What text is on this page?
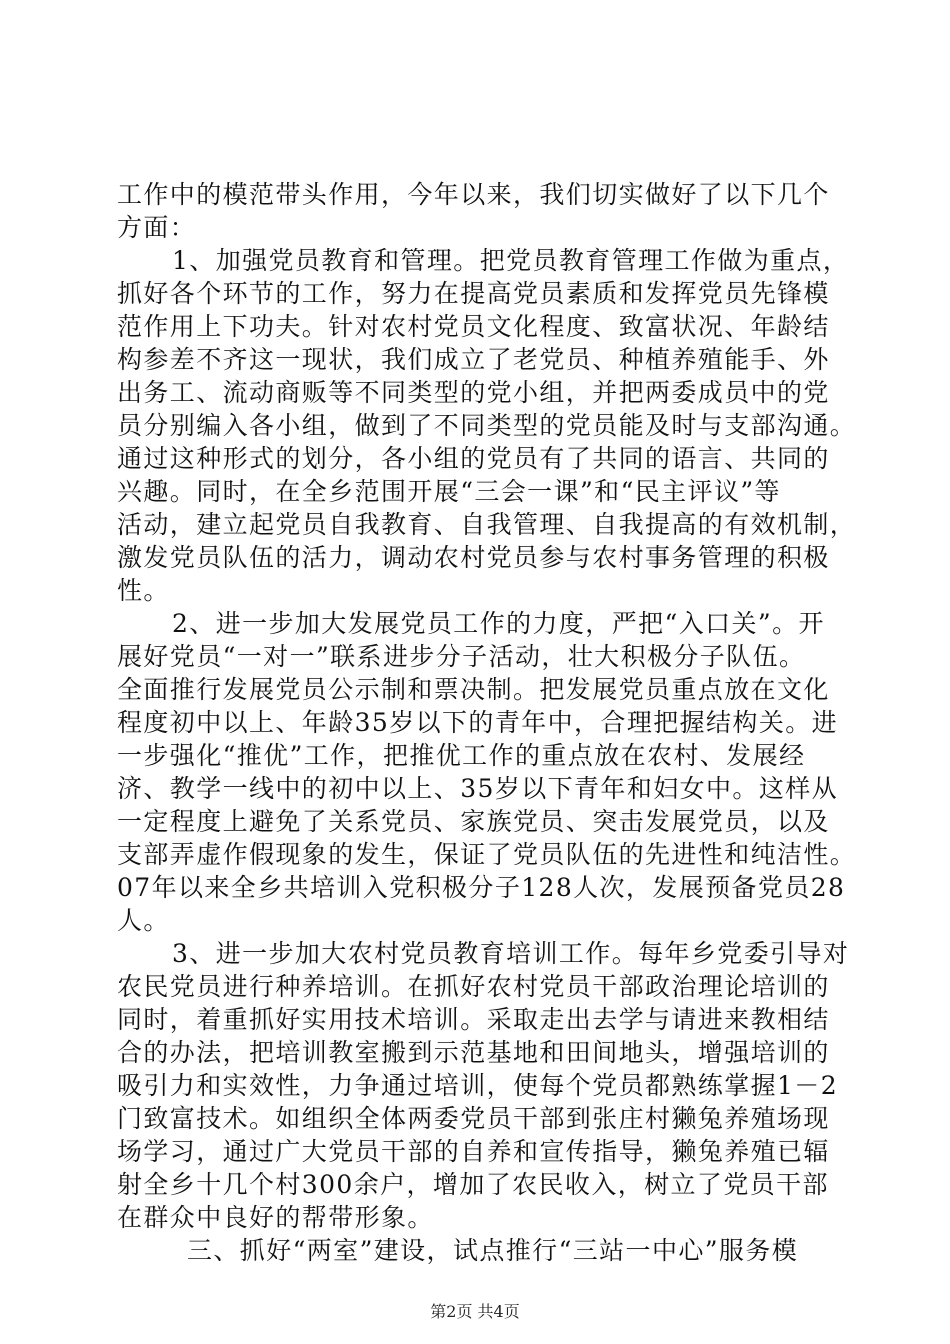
工作中的模范带头作用，今年以来，我们切实做好了以下几个
方面：
1、加强党员教育和管理。把党员教育管理工作做为重点，
抓好各个环节的工作，努力在提高党员素质和发挥党员先锋模
范作用上下功夫。针对农村党员文化程度、致富状况、年龄结
构参差不齐这一现状，我们成立了老党员、种植养殖能手、外
出务工、流动商贩等不同类型的党小组，并把两委成员中的党
员分别编入各小组，做到了不同类型的党员能及时与支部沟通。
通过这种形式的划分，各小组的党员有了共同的语言、共同的
兴趣。同时，在全乡范围开展“三会一课”和“民主评议”等
活动，建立起党员自我教育、自我管理、自我提高的有效机制，
激发党员队伍的活力，调动农村党员参与农村事务管理的积极
性。
2、进一步加大发展党员工作的力度，严把“入口关”。开
展好党员“一对一”联系进步分子活动，壮大积极分子队伍。
全面推行发展党员公示制和票决制。把发展党员重点放在文化
程度初中以上、年龄35岁以下的青年中，合理把握结构关。进
一步强化“推优”工作，把推优工作的重点放在农村、发展经
济、教学一线中的初中以上、35岁以下青年和妇女中。这样从
一定程度上避免了关系党员、家族党员、突击发展党员，以及
支部弄虚作假现象的发生，保证了党员队伍的先进性和纯洁性。
07年以来全乡共培训入党积极分子128人次，发展预备党员28
人。
3、进一步加大农村党员教育培训工作。每年乡党委引导对
农民党员进行种养培训。在抓好农村党员干部政治理论培训的
同时，着重抓好实用技术培训。采取走出去学与请进来教相结
合的办法，把培训教室搬到示范基地和田间地头，增强培训的
吸引力和实效性，力争通过培训，使每个党员都熟练掌握1－2
门致富技术。如组织全体两委党员干部到张庄村獭兔养殖场现
场学习，通过广大党员干部的自养和宣传指导，獭兔养殖已辐
射全乡十几个村300余户，增加了农民收入，树立了党员干部
在群众中良好的帮带形象。
三、抓好“两室”建设，试点推行“三站一中心”服务模
第2页 共4页
